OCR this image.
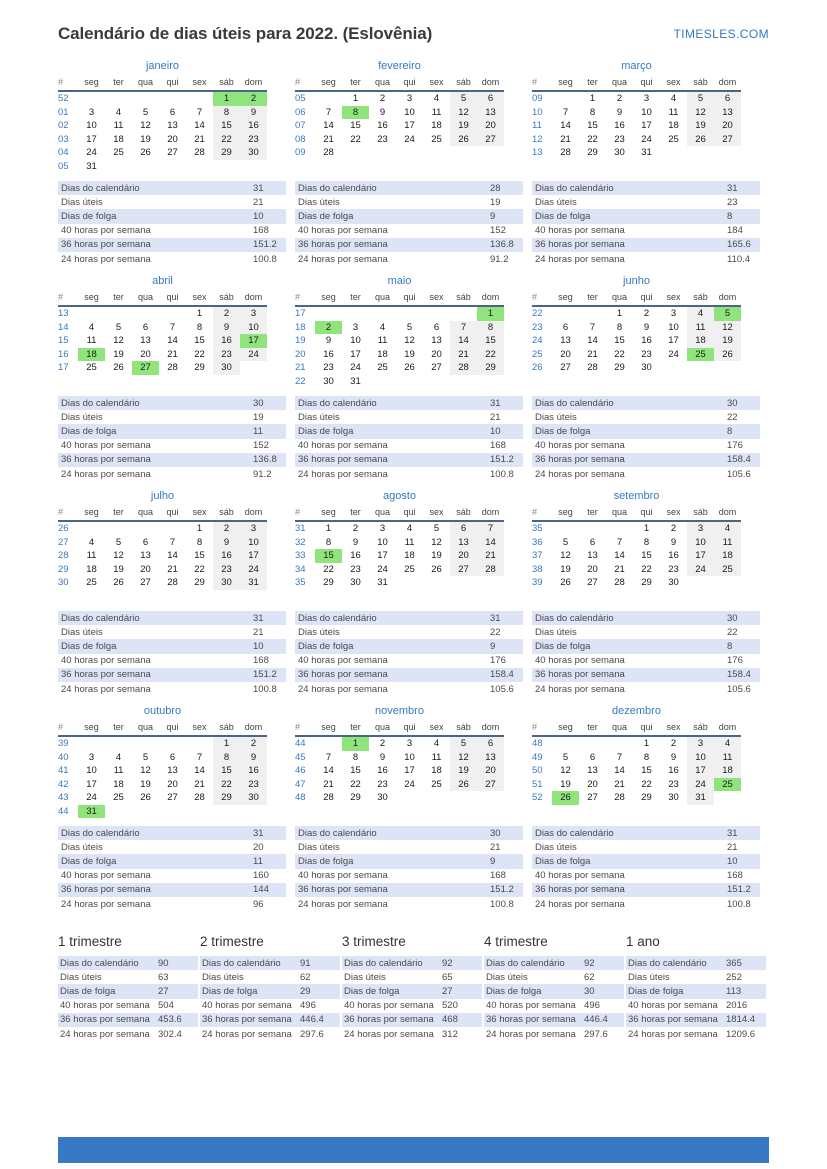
Calendário de dias úteis para 2022. (Eslovênia)	TIMESLES.COM
janeiro
#	seg	ter	qua	qui	sex	sáb	dom
52						1	2
01	3	4	5	6	7	8	9
02	10	11	12	13	14	15	16
03	17	18	19	20	21	22	23
04	24	25	26	27	28	29	30
05	31						
Dias do calendário	31
Dias úteis	21
Dias de folga	10
40 horas por semana	168
36 horas por semana	151.2
24 horas por semana	100.8
fevereiro
#	seg	ter	qua	qui	sex	sáb	dom
05		1	2	3	4	5	6
06	7	8	9	10	11	12	13
07	14	15	16	17	18	19	20
08	21	22	23	24	25	26	27
09	28						
Dias do calendário	28
Dias úteis	19
Dias de folga	9
40 horas por semana	152
36 horas por semana	136.8
24 horas por semana	91.2
março
#	seg	ter	qua	qui	sex	sáb	dom
09		1	2	3	4	5	6
10	7	8	9	10	11	12	13
11	14	15	16	17	18	19	20
12	21	22	23	24	25	26	27
13	28	29	30	31			
Dias do calendário	31
Dias úteis	23
Dias de folga	8
40 horas por semana	184
36 horas por semana	165.6
24 horas por semana	110.4
abril
#	seg	ter	qua	qui	sex	sáb	dom
13					1	2	3
14	4	5	6	7	8	9	10
15	11	12	13	14	15	16	17
16	18	19	20	21	22	23	24
17	25	26	27	28	29	30	
Dias do calendário	30
Dias úteis	19
Dias de folga	11
40 horas por semana	152
36 horas por semana	136.8
24 horas por semana	91.2
maio
#	seg	ter	qua	qui	sex	sáb	dom
17							1
18	2	3	4	5	6	7	8
19	9	10	11	12	13	14	15
20	16	17	18	19	20	21	22
21	23	24	25	26	27	28	29
22	30	31					
Dias do calendário	31
Dias úteis	21
Dias de folga	10
40 horas por semana	168
36 horas por semana	151.2
24 horas por semana	100.8
junho
#	seg	ter	qua	qui	sex	sáb	dom
22			1	2	3	4	5
23	6	7	8	9	10	11	12
24	13	14	15	16	17	18	19
25	20	21	22	23	24	25	26
26	27	28	29	30			
Dias do calendário	30
Dias úteis	22
Dias de folga	8
40 horas por semana	176
36 horas por semana	158.4
24 horas por semana	105.6
julho
#	seg	ter	qua	qui	sex	sáb	dom
26					1	2	3
27	4	5	6	7	8	9	10
28	11	12	13	14	15	16	17
29	18	19	20	21	22	23	24
30	25	26	27	28	29	30	31
Dias do calendário	31
Dias úteis	21
Dias de folga	10
40 horas por semana	168
36 horas por semana	151.2
24 horas por semana	100.8
agosto
#	seg	ter	qua	qui	sex	sáb	dom
31	1	2	3	4	5	6	7
32	8	9	10	11	12	13	14
33	15	16	17	18	19	20	21
34	22	23	24	25	26	27	28
35	29	30	31				
Dias do calendário	31
Dias úteis	22
Dias de folga	9
40 horas por semana	176
36 horas por semana	158.4
24 horas por semana	105.6
setembro
#	seg	ter	qua	qui	sex	sáb	dom
35				1	2	3	4
36	5	6	7	8	9	10	11
37	12	13	14	15	16	17	18
38	19	20	21	22	23	24	25
39	26	27	28	29	30		
Dias do calendário	30
Dias úteis	22
Dias de folga	8
40 horas por semana	176
36 horas por semana	158.4
24 horas por semana	105.6
outubro
#	seg	ter	qua	qui	sex	sáb	dom
39						1	2
40	3	4	5	6	7	8	9
41	10	11	12	13	14	15	16
42	17	18	19	20	21	22	23
43	24	25	26	27	28	29	30
44	31						
Dias do calendário	31
Dias úteis	20
Dias de folga	11
40 horas por semana	160
36 horas por semana	144
24 horas por semana	96
novembro
#	seg	ter	qua	qui	sex	sáb	dom
44		1	2	3	4	5	6
45	7	8	9	10	11	12	13
46	14	15	16	17	18	19	20
47	21	22	23	24	25	26	27
48	28	29	30				
Dias do calendário	30
Dias úteis	21
Dias de folga	9
40 horas por semana	168
36 horas por semana	151.2
24 horas por semana	100.8
dezembro
#	seg	ter	qua	qui	sex	sáb	dom
48				1	2	3	4
49	5	6	7	8	9	10	11
50	12	13	14	15	16	17	18
51	19	20	21	22	23	24	25
52	26	27	28	29	30	31	
Dias do calendário	31
Dias úteis	21
Dias de folga	10
40 horas por semana	168
36 horas por semana	151.2
24 horas por semana	100.8
1 trimestre
Dias do calendário	90
Dias úteis	63
Dias de folga	27
40 horas por semana 504
36 horas por semana 453.6
24 horas por semana 302.4
2 trimestre
Dias do calendário	91
Dias úteis	62
Dias de folga	29
40 horas por semana 496
36 horas por semana 446.4
24 horas por semana 297.6
3 trimestre
Dias do calendário	92
Dias úteis	65
Dias de folga	27
40 horas por semana 520
36 horas por semana 468
24 horas por semana 312
4 trimestre
Dias do calendário	92
Dias úteis	62
Dias de folga	30
40 horas por semana 496
36 horas por semana 446.4
24 horas por semana 297.6
1 ano
Dias do calendário	365
Dias úteis	252
Dias de folga	113
40 horas por semana 2016
36 horas por semana 1814.4
24 horas por semana 1209.6
